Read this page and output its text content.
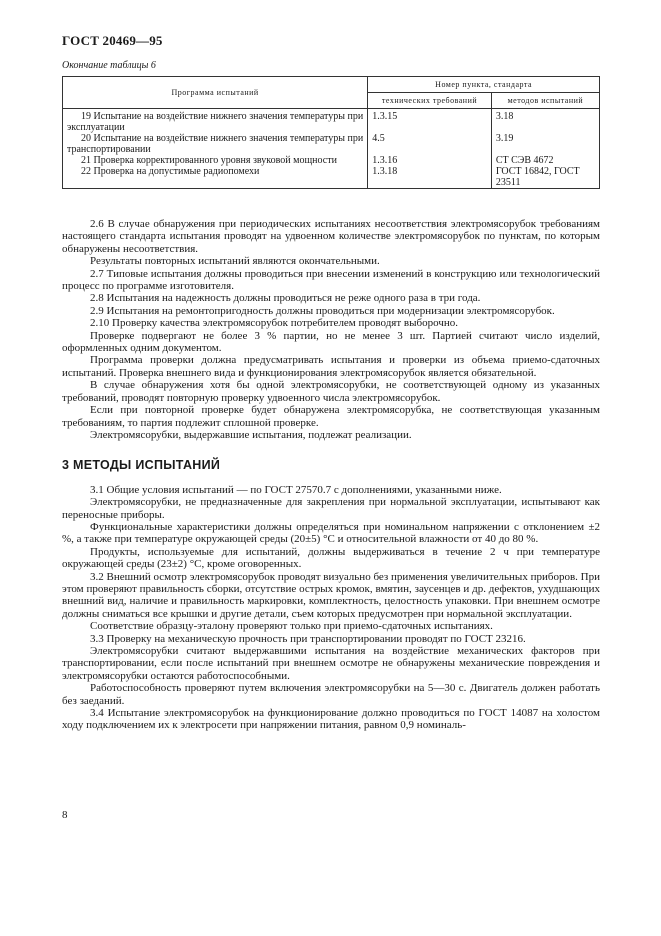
ГОСТ 20469—95
Окончание таблицы 6
Программа испытаний	Номер пункта, стандарта	
	технических требований	методов испытаний
19 Испытание на воздействие нижнего значения температуры при эксплуатации	1.3.15	3.18
20 Испытание на воздействие нижнего значения температуры при транспортировании	4.5	3.19
21 Проверка корректированного уровня звуковой мощности	1.3.16	СТ СЭВ 4672
22 Проверка на допустимые радиопомехи	1.3.18	ГОСТ 16842, ГОСТ 23511

2.6 В случае обнаружения при периодических испытаниях несоответствия электромясорубок требованиям настоящего стандарта испытания проводят на удвоенном количестве электромясорубок по пунктам, по которым обнаружены несоответствия.

Результаты повторных испытаний являются окончательными.

2.7 Типовые испытания должны проводиться при внесении изменений в конструкцию или технологический процесс по программе изготовителя.

2.8 Испытания на надежность должны проводиться не реже одного раза в три года.

2.9 Испытания на ремонтопригодность должны проводиться при модернизации электромясорубок.

2.10 Проверку качества электромясорубок потребителем проводят выборочно.

Проверке подвергают не более 3 % партии, но не менее 3 шт. Партией считают число изделий, оформленных одним документом.

Программа проверки должна предусматривать испытания и проверки из объема приемо-сдаточных испытаний. Проверка внешнего вида и функционирования электромясорубок является обязательной.

В случае обнаружения хотя бы одной электромясорубки, не соответствующей одному из указанных требований, проводят повторную проверку удвоенного числа электромясорубок.

Если при повторной проверке будет обнаружена электромясорубка, не соответствующая указанным требованиям, то партия подлежит сплошной проверке.

Электромясорубки, выдержавшие испытания, подлежат реализации.

3 МЕТОДЫ ИСПЫТАНИЙ

3.1 Общие условия испытаний — по ГОСТ 27570.7 с дополнениями, указанными ниже.

Электромясорубки, не предназначенные для закрепления при нормальной эксплуатации, испытывают как переносные приборы.

Функциональные характеристики должны определяться при номинальном напряжении с отклонением ±2 %, а также при температуре окружающей среды (20±5) °С и относительной влажности от 40 до 80 %.

Продукты, используемые для испытаний, должны выдерживаться в течение 2 ч при температуре окружающей среды (23±2) °С, кроме оговоренных.

3.2 Внешний осмотр электромясорубок проводят визуально без применения увеличительных приборов. При этом проверяют правильность сборки, отсутствие острых кромок, вмятин, заусенцев и др. дефектов, ухудшающих внешний вид, наличие и правильность маркировки, комплектность, целостность упаковки. При внешнем осмотре должны сниматься все крышки и другие детали, съем которых предусмотрен при нормальной эксплуатации.

Соответствие образцу-эталону проверяют только при приемо-сдаточных испытаниях.

3.3 Проверку на механическую прочность при транспортировании проводят по ГОСТ 23216.

Электромясорубки считают выдержавшими испытания на воздействие механических факторов при транспортировании, если после испытаний при внешнем осмотре не обнаружены механические повреждения и электромясорубки остаются работоспособными.

Работоспособность проверяют путем включения электромясорубки на 5—30 с. Двигатель должен работать без заеданий.

3.4 Испытание электромясорубок на функционирование должно проводиться по ГОСТ 14087 на холостом ходу подключением их к электросети при напряжении питания, равном 0,9 номиналь-

8
